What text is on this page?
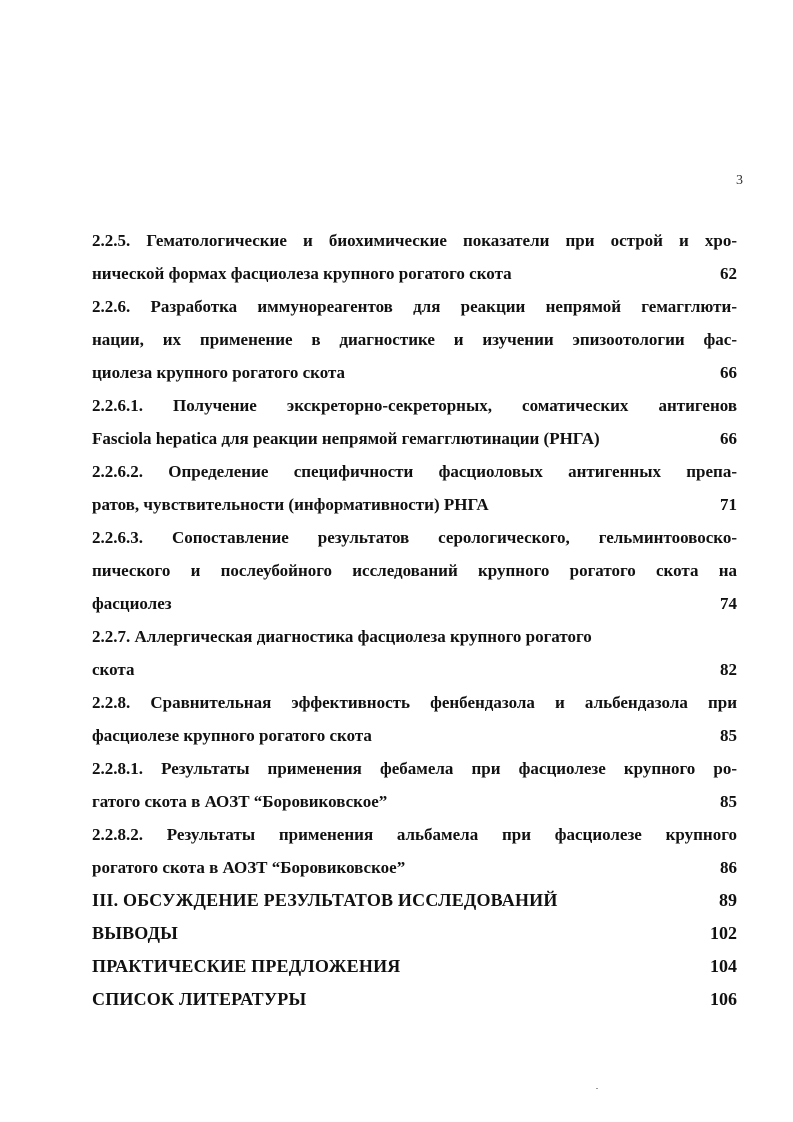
3
2.2.5. Гематологические и биохимические показатели при острой и хро-
нической формах фасциолеза крупного рогатого скота	62
2.2.6. Разработка иммунореагентов для реакции непрямой гемагглюти-
нации, их применение в диагностике и изучении эпизоотологии фас-
циолеза крупного рогатого скота	66
2.2.6.1. Получение экскреторно-секреторных, соматических антигенов
Fasciola hepatica для реакции непрямой гемагглютинации (РНГА)	66
2.2.6.2. Определение специфичности фасциоловых антигенных препа-
ратов, чувствительности (информативности) РНГА	71
2.2.6.3. Сопоставление результатов серологического, гельминтоовоско-
пического и послеубойного исследований крупного рогатого скота на
фасциолез	74
2.2.7. Аллергическая диагностика фасциолеза крупного рогатого
скота	82
2.2.8. Сравнительная эффективность фенбендазола и альбендазола при
фасциолезе крупного рогатого скота	85
2.2.8.1. Результаты применения фебамела при фасциолезе крупного ро-
гатого скота в АОЗТ “Боровиковское”	85
2.2.8.2. Результаты применения альбамела при фасциолезе крупного
рогатого скота в АОЗТ “Боровиковское”	86
III. ОБСУЖДЕНИЕ РЕЗУЛЬТАТОВ ИССЛЕДОВАНИЙ	89
ВЫВОДЫ	102
ПРАКТИЧЕСКИЕ ПРЕДЛОЖЕНИЯ	104
СПИСОК ЛИТЕРАТУРЫ	106
